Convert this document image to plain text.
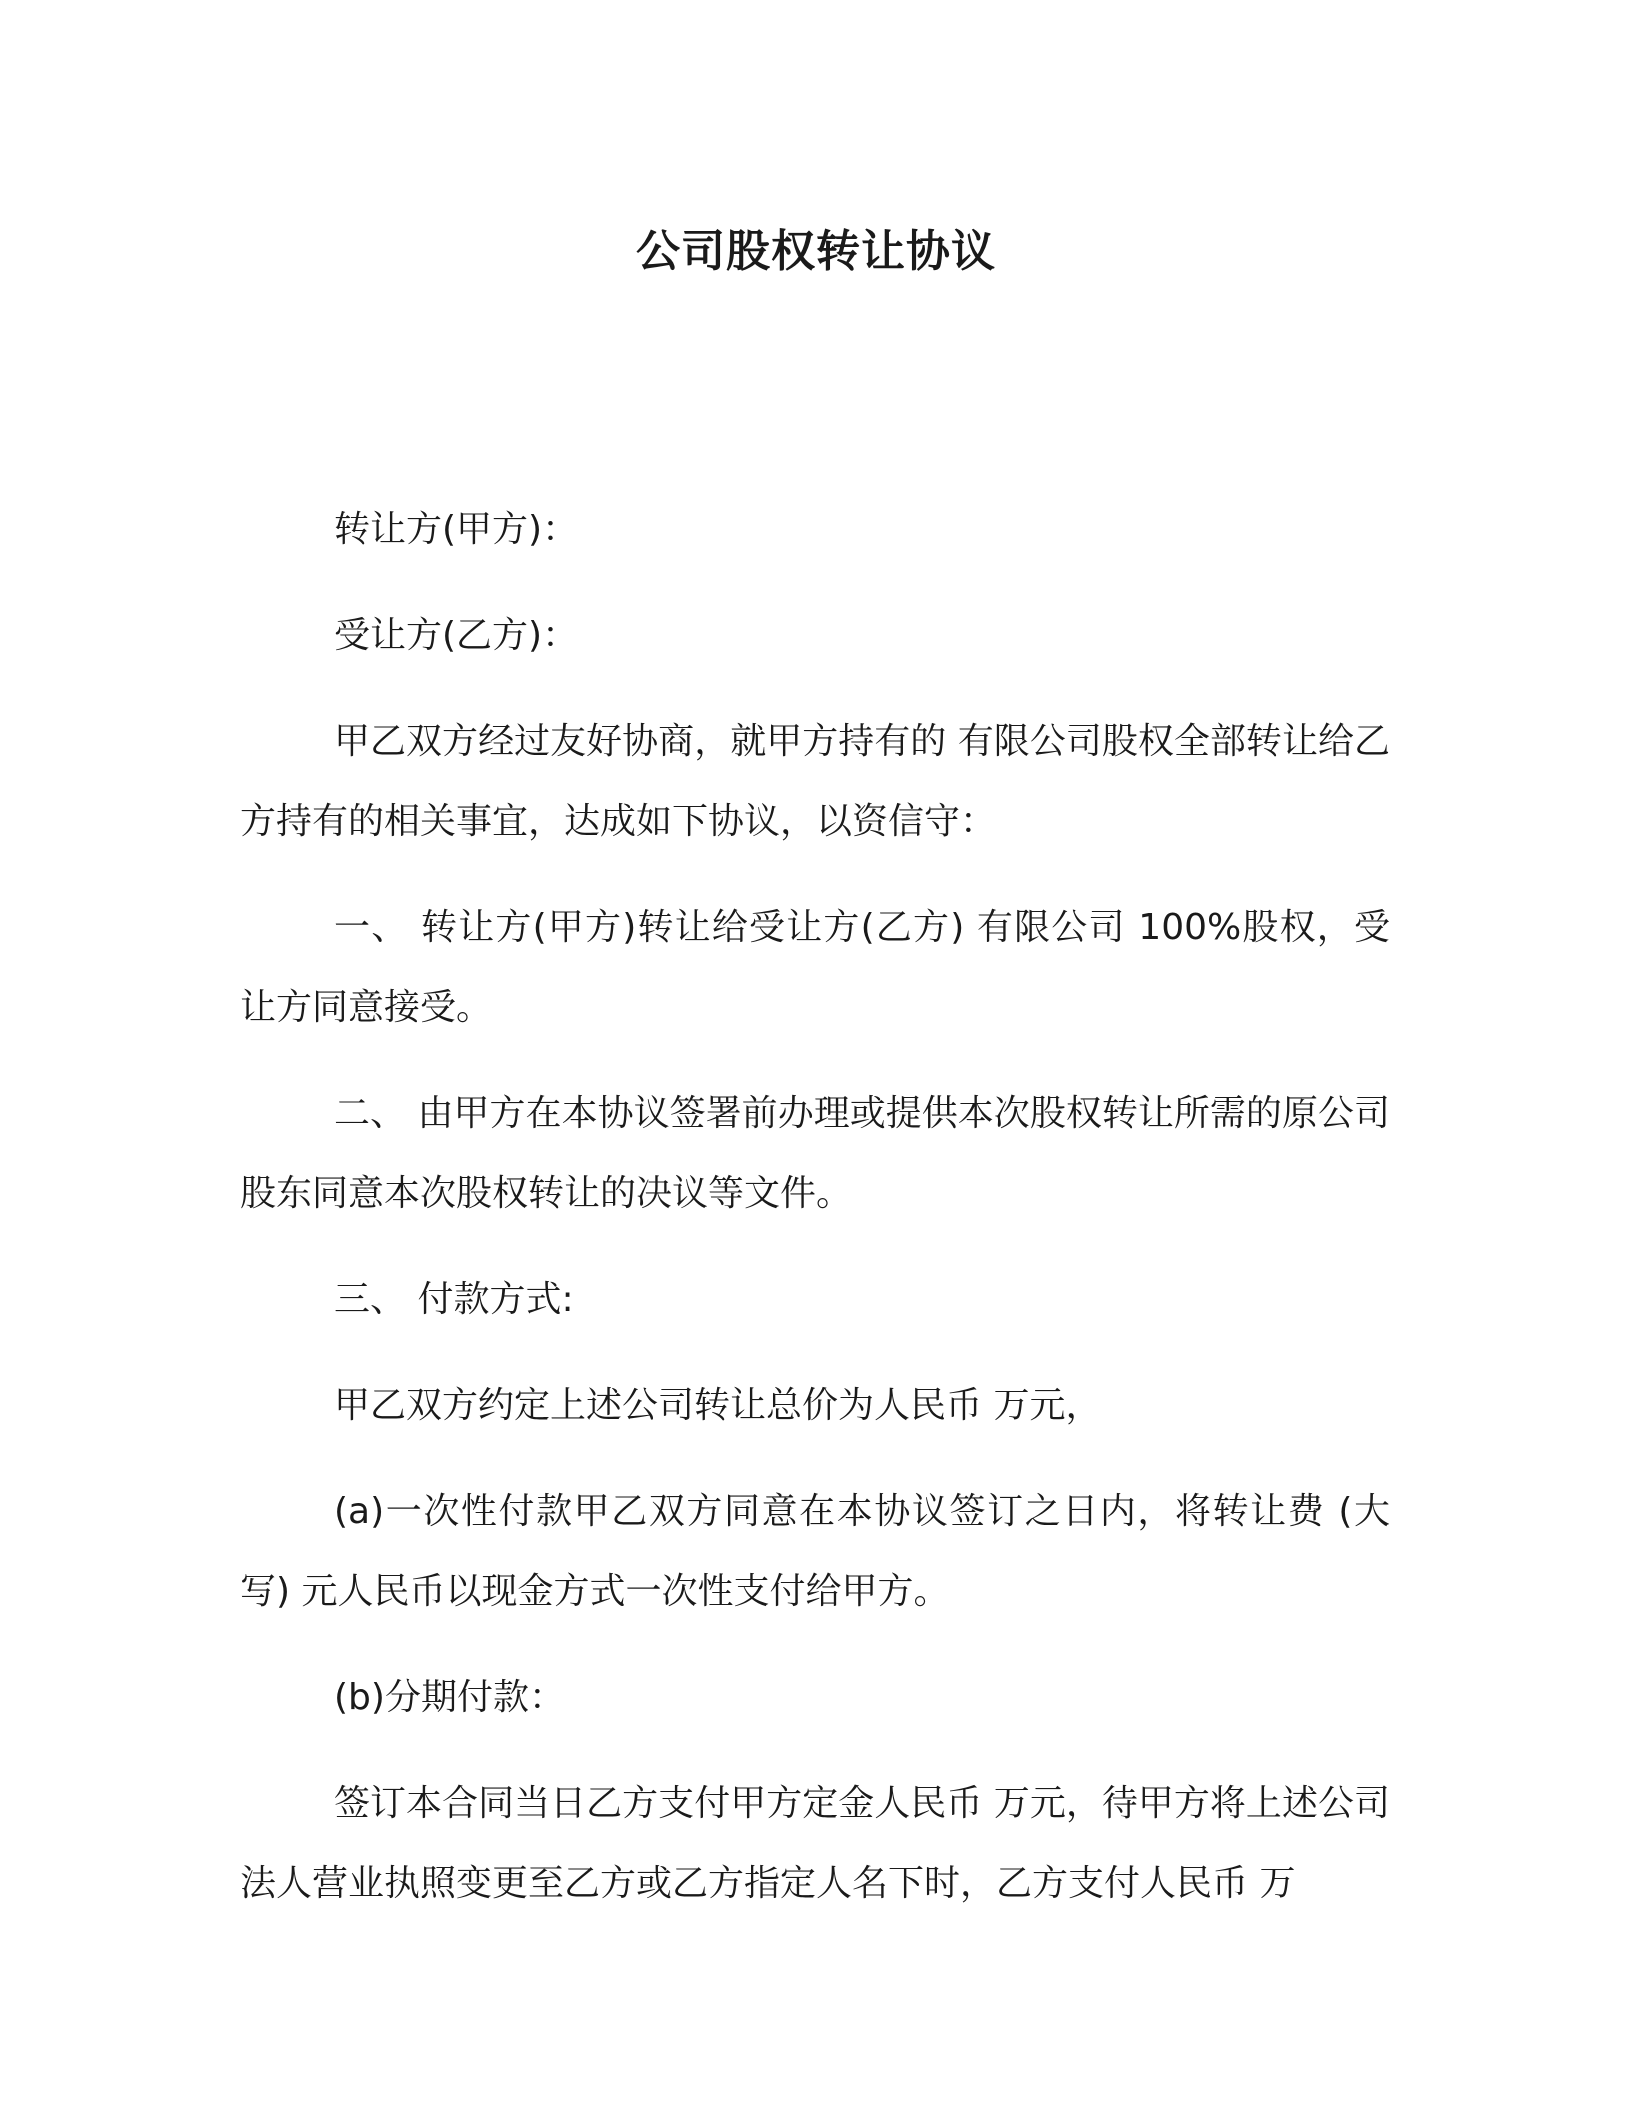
公司股权转让协议

转让方(甲方)：

受让方(乙方)：

甲乙双方经过友好协商，就甲方持有的 有限公司股权全部转让给乙方持有的相关事宜，达成如下协议，以资信守：

一、 转让方(甲方)转让给受让方(乙方) 有限公司 100%股权，受让方同意接受。

二、 由甲方在本协议签署前办理或提供本次股权转让所需的原公司股东同意本次股权转让的决议等文件。

三、 付款方式:

甲乙双方约定上述公司转让总价为人民币 万元，

(a)一次性付款甲乙双方同意在本协议签订之日内，将转让费 (大写) 元人民币以现金方式一次性支付给甲方。

(b)分期付款：

签订本合同当日乙方支付甲方定金人民币 万元，待甲方将上述公司法人营业执照变更至乙方或乙方指定人名下时，乙方支付人民币 万
